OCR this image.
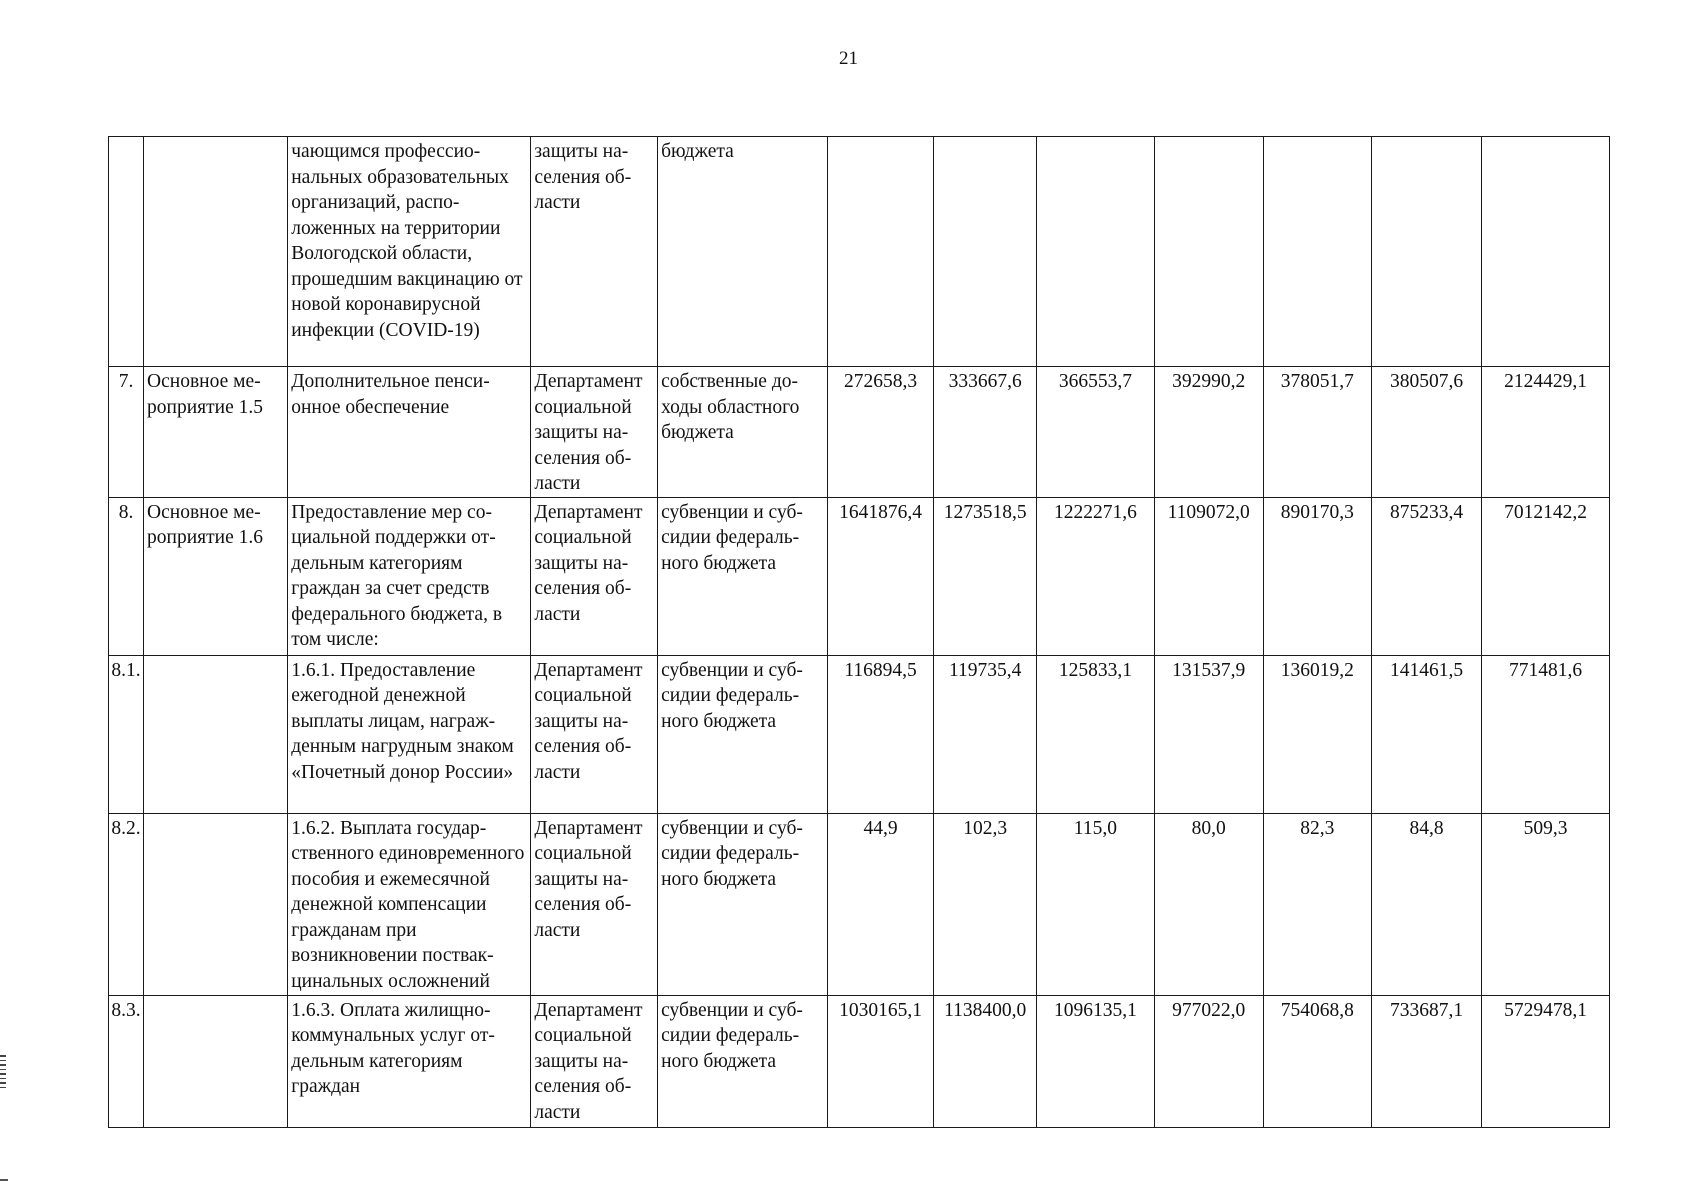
21
		чающимся профессиональных образовательных организаций, расположенных на территории Вологодской области, прошедшим вакцинацию от новой коронавирусной инфекции (COVID-19)	защиты населения области	бюджета							
7.	Основное мероприятие 1.5	Дополнительное пенсионное обеспечение	Департамент социальной защиты населения области	собственные доходы областного бюджета	272658,3	333667,6	366553,7	392990,2	378051,7	380507,6	2124429,1
8.	Основное мероприятие 1.6	Предоставление мер социальной поддержки отдельным категориям граждан за счет средств федерального бюджета, в том числе:	Департамент социальной защиты населения области	субвенции и субсидии федерального бюджета	1641876,4	1273518,5	1222271,6	1109072,0	890170,3	875233,4	7012142,2
8.1.		1.6.1. Предоставление ежегодной денежной выплаты лицам, награжденным нагрудным знаком «Почетный донор России»	Департамент социальной защиты населения области	субвенции и субсидии федерального бюджета	116894,5	119735,4	125833,1	131537,9	136019,2	141461,5	771481,6
8.2.		1.6.2. Выплата государственного единовременного пособия и ежемесячной денежной компенсации гражданам при возникновении поствакцинальных осложнений	Департамент социальной защиты населения области	субвенции и субсидии федерального бюджета	44,9	102,3	115,0	80,0	82,3	84,8	509,3
8.3.		1.6.3. Оплата жилищно-коммунальных услуг отдельным категориям граждан	Департамент социальной защиты населения области	субвенции и субсидии федерального бюджета	1030165,1	1138400,0	1096135,1	977022,0	754068,8	733687,1	5729478,1
